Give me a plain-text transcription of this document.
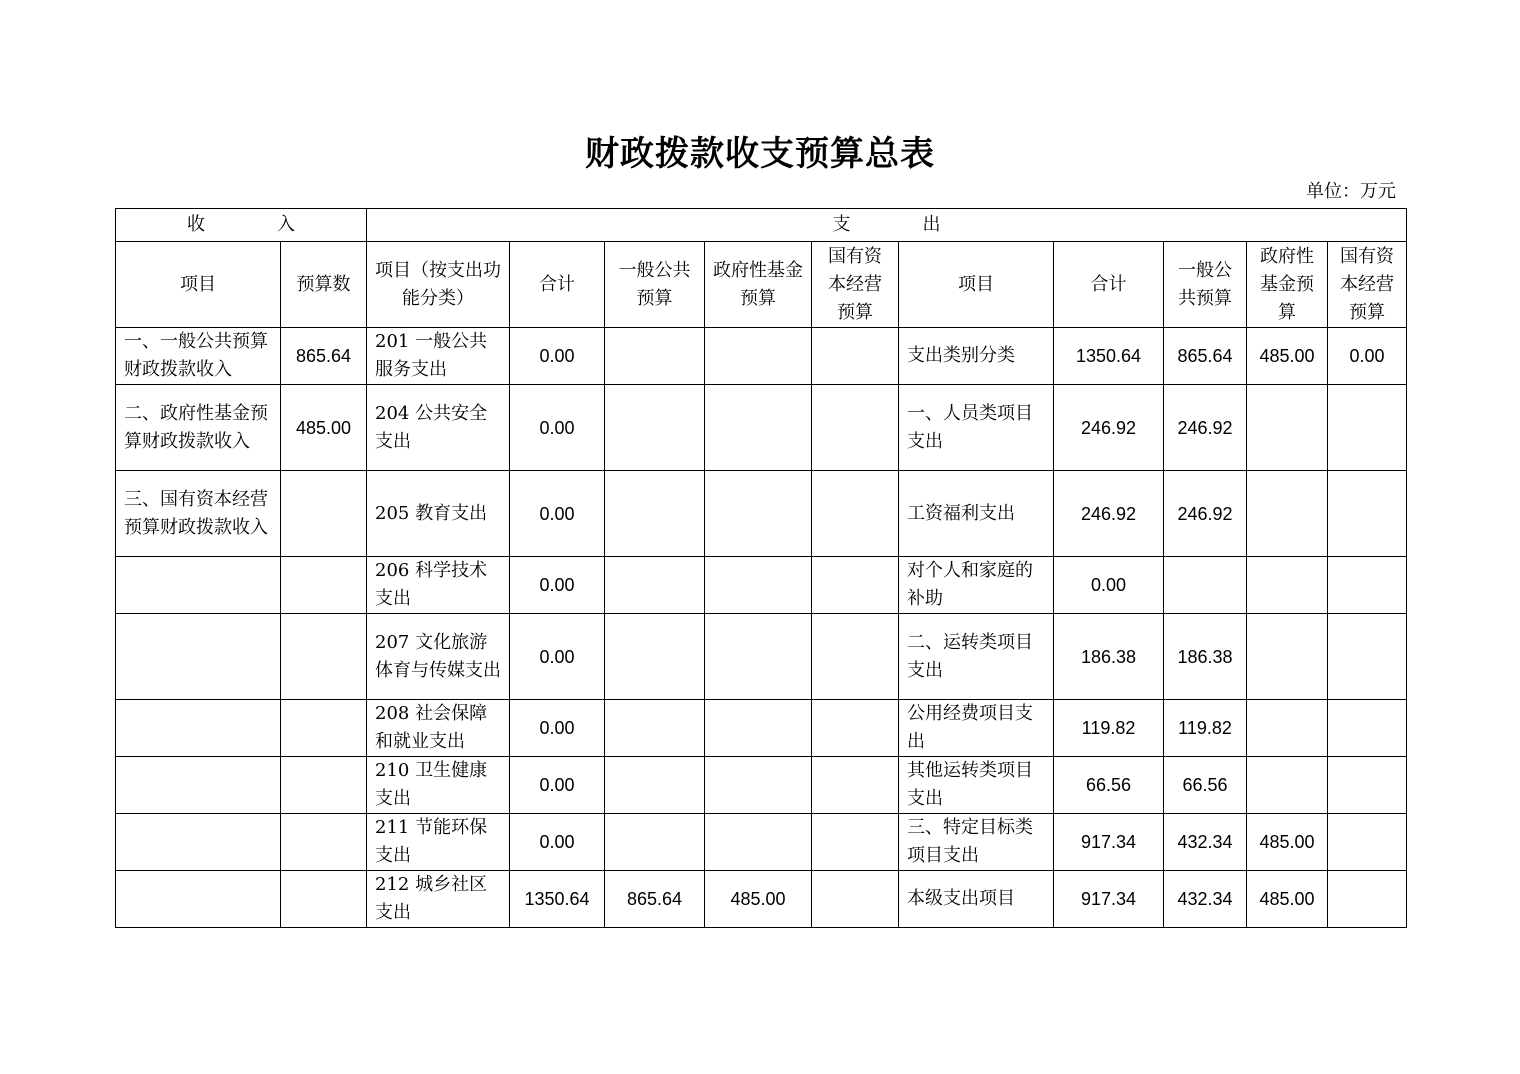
财政拨款收支预算总表
单位：万元
收　　　　入		支　　　　出									
项目	预算数	项目（按支出功能分类）	合计	一般公共预算	政府性基金预算	国有资本经营预算	项目	合计	一般公共预算	政府性基金预算	国有资本经营预算
一、一般公共预算财政拨款收入	865.64	201 一般公共服务支出	0.00				支出类别分类	1350.64	865.64	485.00	0.00
二、政府性基金预算财政拨款收入	485.00	204 公共安全支出	0.00				一、人员类项目支出	246.92	246.92		
三、国有资本经营预算财政拨款收入		205 教育支出	0.00				工资福利支出	246.92	246.92		
		206 科学技术支出	0.00				对个人和家庭的补助	0.00			
		207 文化旅游体育与传媒支出	0.00				二、运转类项目支出	186.38	186.38		
		208 社会保障和就业支出	0.00				公用经费项目支出	119.82	119.82		
		210 卫生健康支出	0.00				其他运转类项目支出	66.56	66.56		
		211 节能环保支出	0.00				三、特定目标类项目支出	917.34	432.34	485.00	
		212 城乡社区支出	1350.64	865.64	485.00		本级支出项目	917.34	432.34	485.00	
